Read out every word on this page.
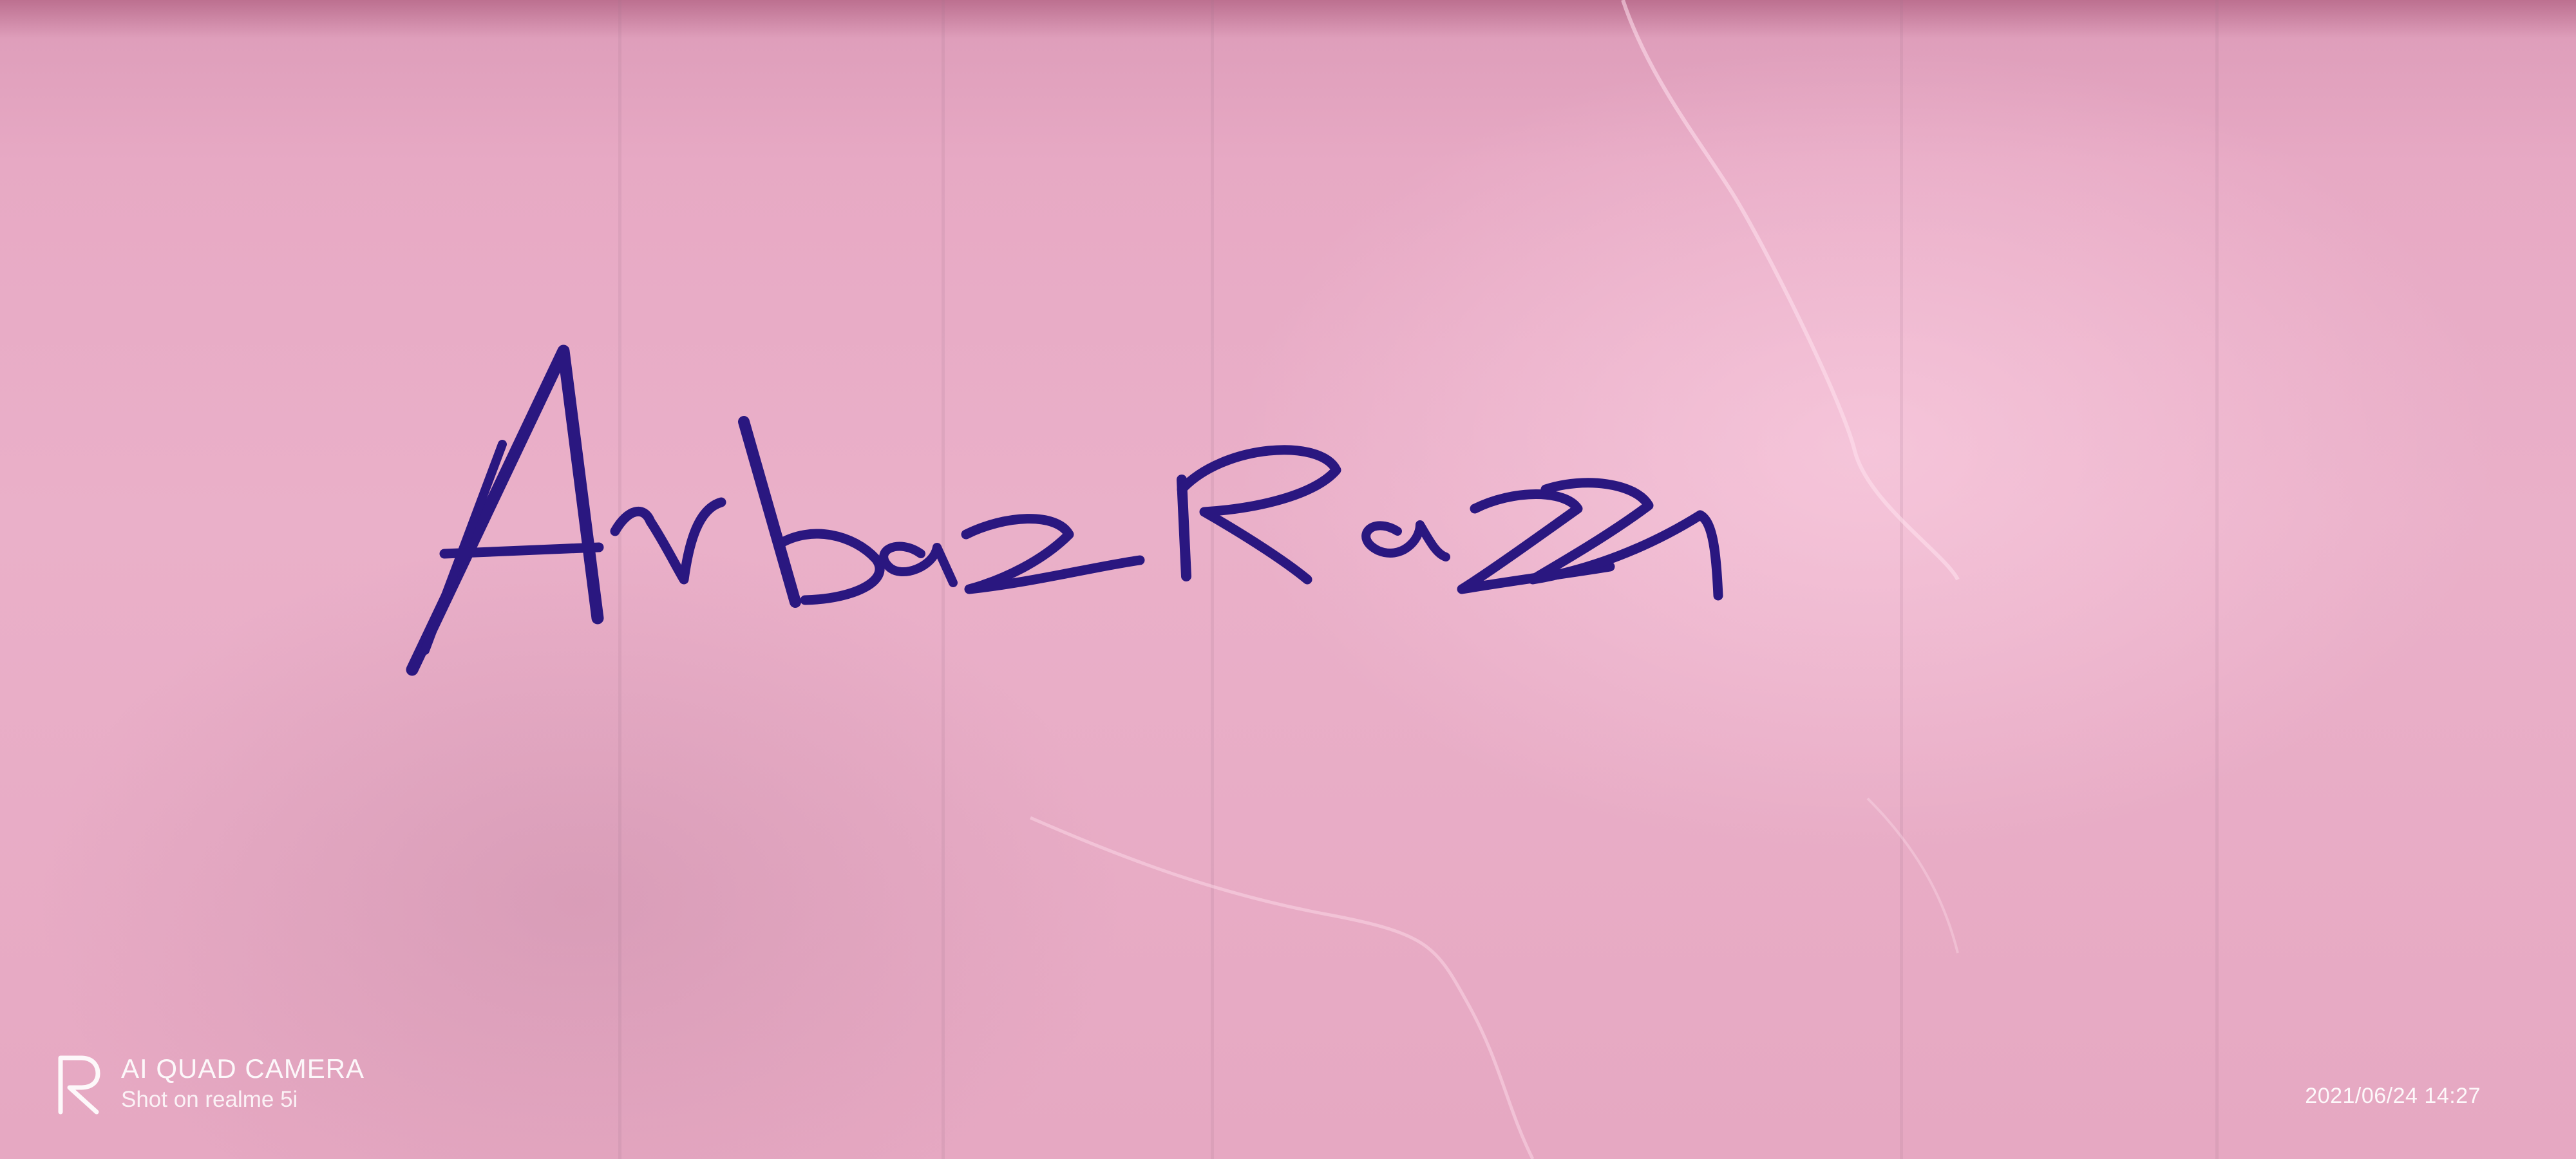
AI QUAD CAMERA
Shot on realme 5i	2021/06/24 14:27
